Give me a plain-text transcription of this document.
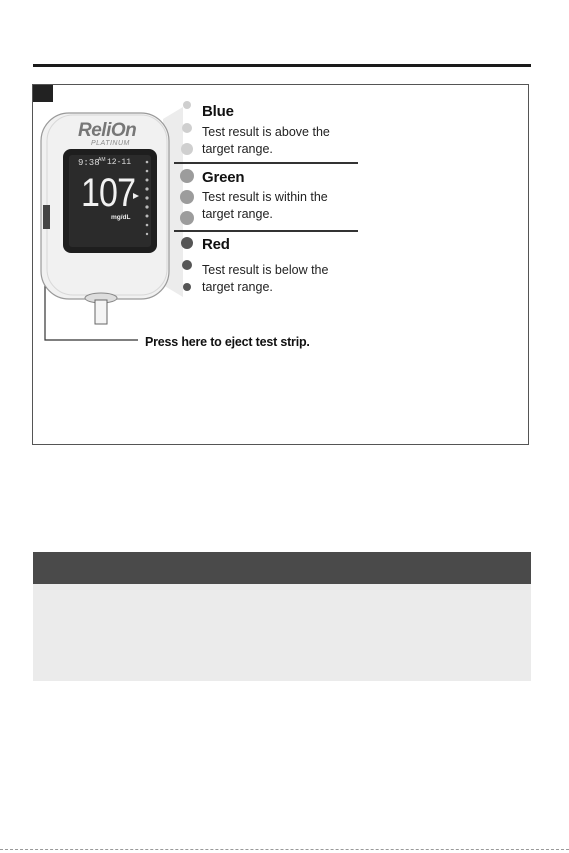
ReliOn
PLATINUM
9:38
AM 12-11
107
mg/dL
Blue
Test result is above the target range.
Green
Test result is within the target range.
Red
Test result is below the target range.
Press here to eject test strip.
